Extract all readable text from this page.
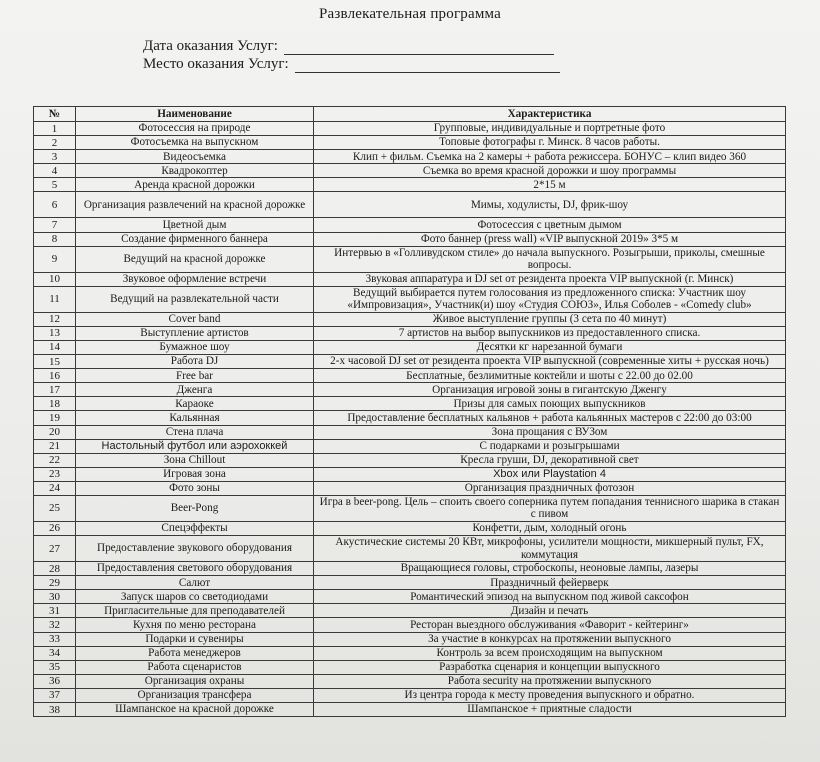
Развлекательная программа
Дата оказания Услуг:
Место оказания Услуг:
№	Наименование	Характеристика
1	Фотосессия на природе	Групповые, индивидуальные и портретные фото
2	Фотосъемка на выпускном	Топовые фотографы г. Минск. 8 часов работы.
3	Видеосъемка	Клип + фильм. Съемка на 2 камеры + работа режиссера. БОНУС – клип видео 360
4	Квадрокоптер	Съемка во время красной дорожки и шоу программы
5	Аренда красной дорожки	2*15 м
6	Организация развлечений на красной дорожке	Мимы, ходулисты, DJ, фрик-шоу
7	Цветной дым	Фотосессия с цветным дымом
8	Создание фирменного баннера	Фото баннер (press wall) «VIP выпускной 2019» 3*5 м
9	Ведущий на красной дорожке	Интервью в «Голливудском стиле» до начала выпускного. Розыгрыши, приколы, смешные вопросы.
10	Звуковое оформление встречи	Звуковая аппаратура и DJ set от резидента проекта VIP выпускной (г. Минск)
11	Ведущий на развлекательной части	Ведущий выбирается путем голосования из предложенного списка: Участник шоу «Импровизация», Участник(и) шоу «Студия СОЮЗ», Илья Соболев - «Comedy club»
12	Cover band	Живое выступление группы (3 сета по 40 минут)
13	Выступление артистов	7 артистов на выбор выпускников из предоставленного списка.
14	Бумажное шоу	Десятки кг нарезанной бумаги
15	Работа DJ	2-х часовой DJ set от резидента проекта VIP выпускной (современные хиты + русская ночь)
16	Free bar	Бесплатные, безлимитные коктейли и шоты с 22.00 до 02.00
17	Дженга	Организация игровой зоны в гигантскую Дженгу
18	Караоке	Призы для самых поющих выпускников
19	Кальянная	Предоставление бесплатных кальянов + работа кальянных мастеров с 22:00 до 03:00
20	Стена плача	Зона прощания с ВУЗом
21	Настольный футбол или аэрохоккей	С подарками и розыгрышами
22	Зона Chillout	Кресла груши, DJ, декоративной свет
23	Игровая зона	Xbox или Playstation 4
24	Фото зоны	Организация праздничных фотозон
25	Beer-Pong	Игра в beer-pong. Цель – споить своего соперника путем попадания теннисного шарика в стакан с пивом
26	Спецэффекты	Конфетти, дым, холодный огонь
27	Предоставление звукового оборудования	Акустические системы 20 КВт, микрофоны, усилители мощности, микшерный пульт, FX, коммутация
28	Предоставления светового оборудования	Вращающиеся головы, стробоскопы, неоновые лампы, лазеры
29	Салют	Праздничный фейерверк
30	Запуск шаров со светодиодами	Романтический эпизод на выпускном под живой саксофон
31	Пригласительные для преподавателей	Дизайн и печать
32	Кухня по меню ресторана	Ресторан выездного обслуживания «Фаворит - кейтеринг»
33	Подарки и сувениры	За участие в конкурсах на протяжении выпускного
34	Работа менеджеров	Контроль за всем происходящим на выпускном
35	Работа сценаристов	Разработка сценария и концепции выпускного
36	Организация охраны	Работа security на протяжении выпускного
37	Организация трансфера	Из центра города к месту проведения выпускного и обратно.
38	Шампанское на красной дорожке	Шампанское + приятные сладости
